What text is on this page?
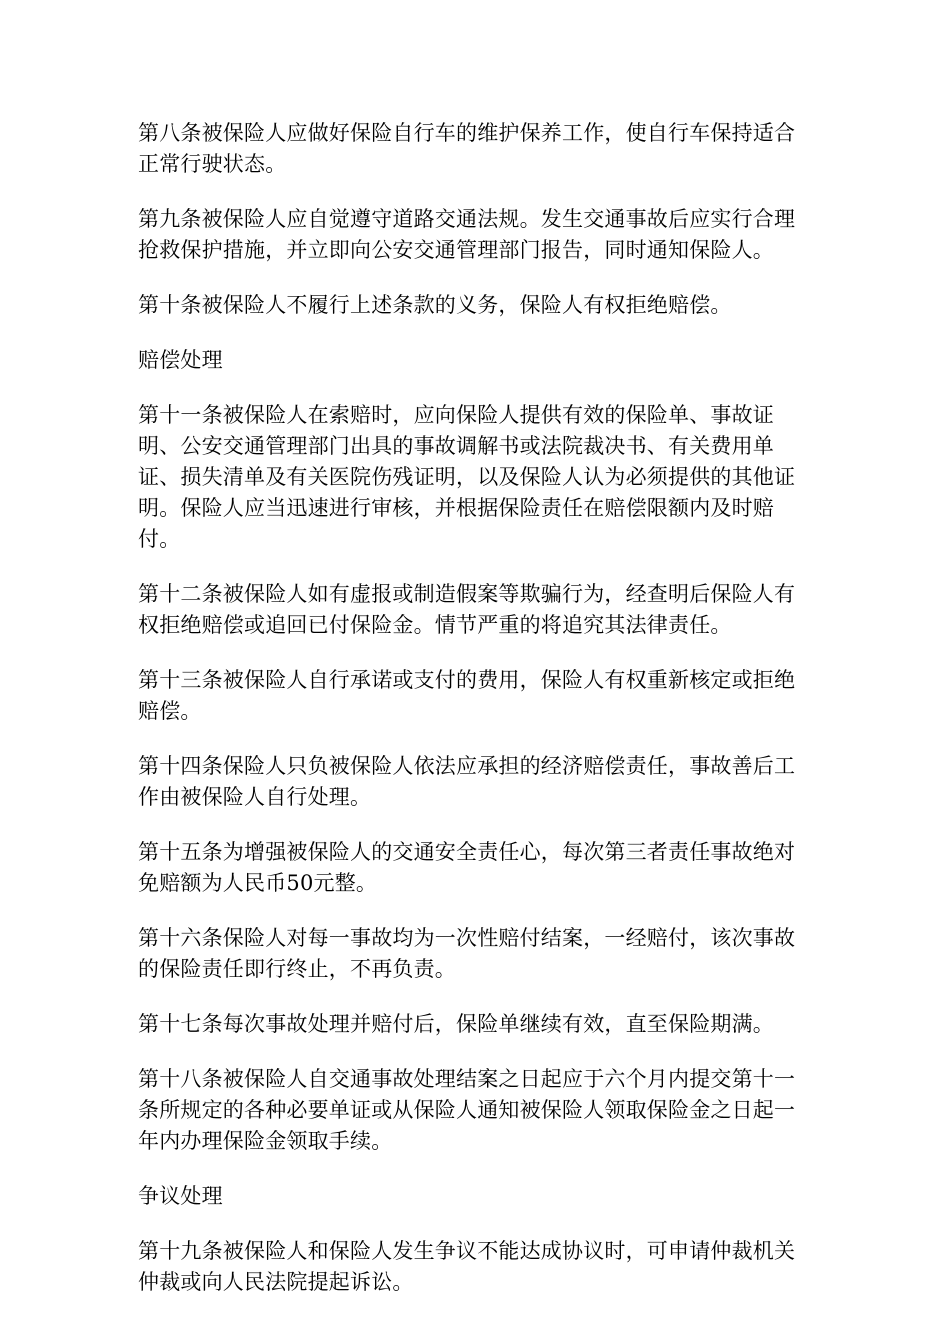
第八条被保险人应做好保险自行车的维护保养工作，使自行车保持适合正常行驶状态。

第九条被保险人应自觉遵守道路交通法规。发生交通事故后应实行合理抢救保护措施，并立即向公安交通管理部门报告，同时通知保险人。

第十条被保险人不履行上述条款的义务，保险人有权拒绝赔偿。

赔偿处理

第十一条被保险人在索赔时，应向保险人提供有效的保险单、事故证明、公安交通管理部门出具的事故调解书或法院裁决书、有关费用单证、损失清单及有关医院伤残证明，以及保险人认为必须提供的其他证明。保险人应当迅速进行审核，并根据保险责任在赔偿限额内及时赔付。

第十二条被保险人如有虚报或制造假案等欺骗行为，经查明后保险人有权拒绝赔偿或追回已付保险金。情节严重的将追究其法律责任。

第十三条被保险人自行承诺或支付的费用，保险人有权重新核定或拒绝赔偿。

第十四条保险人只负被保险人依法应承担的经济赔偿责任，事故善后工作由被保险人自行处理。

第十五条为增强被保险人的交通安全责任心，每次第三者责任事故绝对免赔额为人民币50元整。

第十六条保险人对每一事故均为一次性赔付结案，一经赔付，该次事故的保险责任即行终止，不再负责。

第十七条每次事故处理并赔付后，保险单继续有效，直至保险期满。

第十八条被保险人自交通事故处理结案之日起应于六个月内提交第十一条所规定的各种必要单证或从保险人通知被保险人领取保险金之日起一年内办理保险金领取手续。

争议处理

第十九条被保险人和保险人发生争议不能达成协议时，可申请仲裁机关仲裁或向人民法院提起诉讼。
